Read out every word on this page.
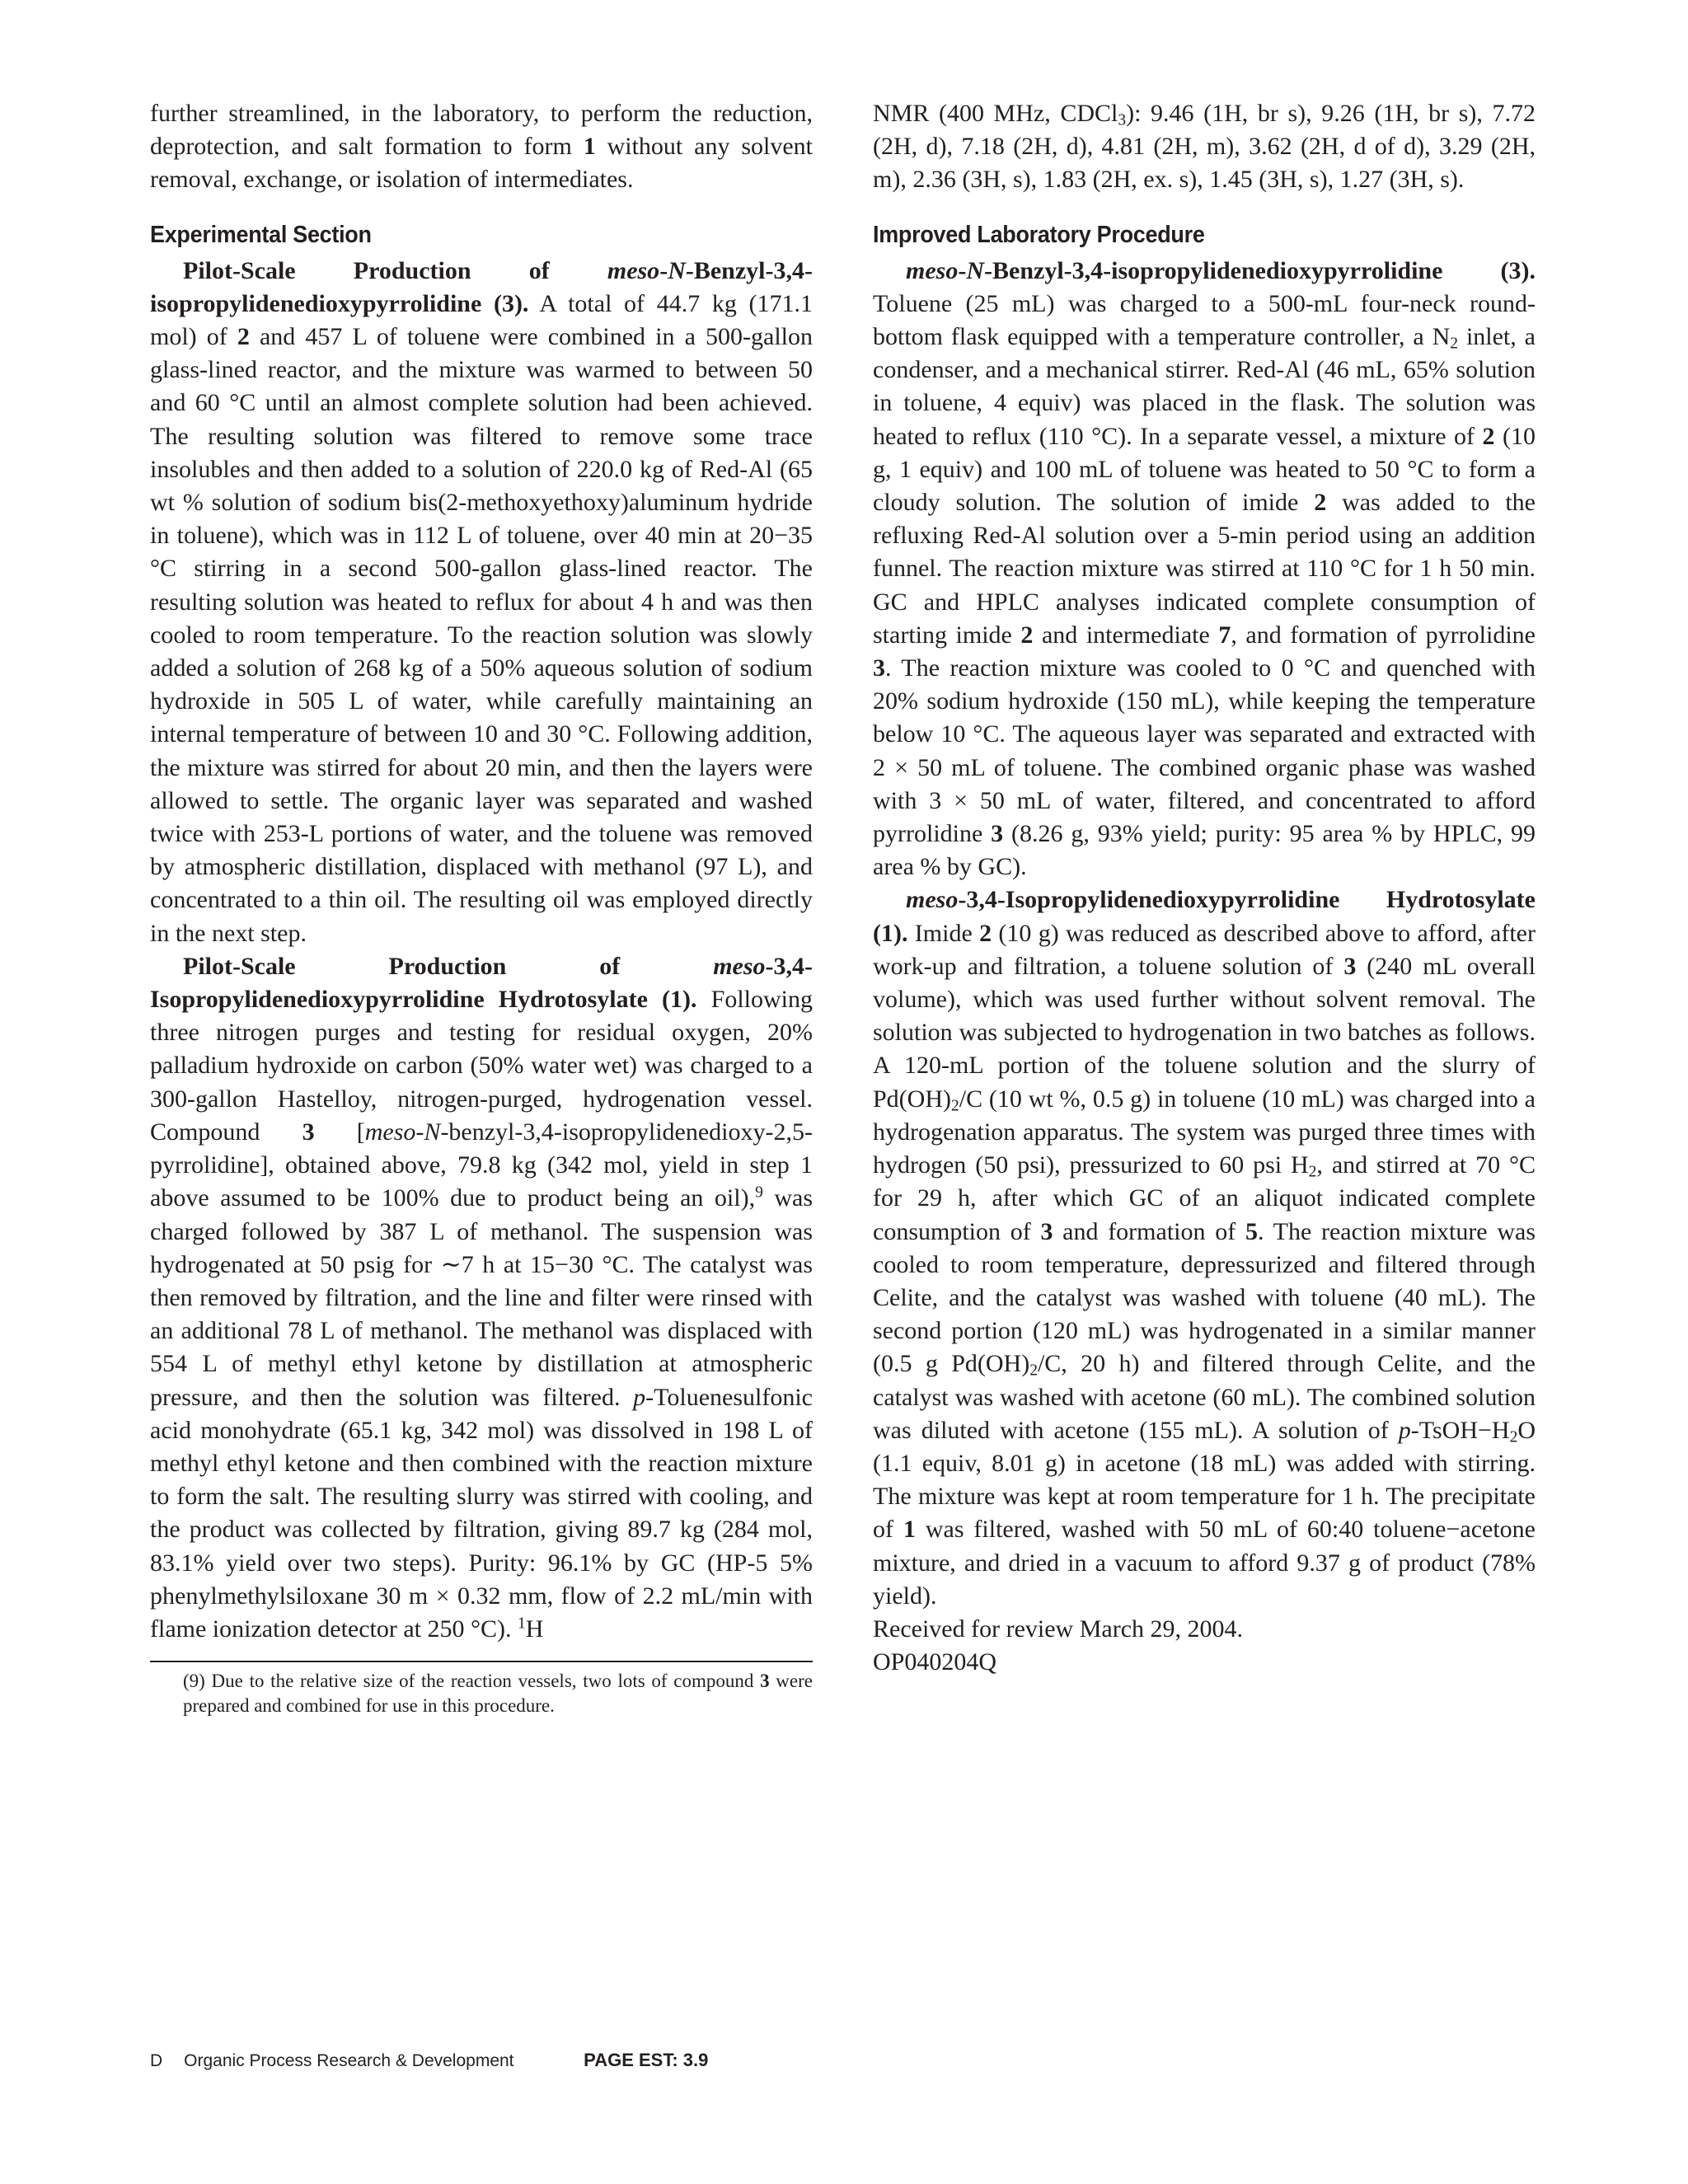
further streamlined, in the laboratory, to perform the reduction, deprotection, and salt formation to form 1 without any solvent removal, exchange, or isolation of intermediates.

Experimental Section

Pilot-Scale Production of meso-N-Benzyl-3,4-isopropylidenedioxypyrrolidine (3). A total of 44.7 kg (171.1 mol) of 2 and 457 L of toluene were combined in a 500-gallon glass-lined reactor, and the mixture was warmed to between 50 and 60 °C until an almost complete solution had been achieved. The resulting solution was filtered to remove some trace insolubles and then added to a solution of 220.0 kg of Red-Al (65 wt % solution of sodium bis(2-methoxyethoxy)aluminum hydride in toluene), which was in 112 L of toluene, over 40 min at 20−35 °C stirring in a second 500-gallon glass-lined reactor. The resulting solution was heated to reflux for about 4 h and was then cooled to room temperature. To the reaction solution was slowly added a solution of 268 kg of a 50% aqueous solution of sodium hydroxide in 505 L of water, while carefully maintaining an internal temperature of between 10 and 30 °C. Following addition, the mixture was stirred for about 20 min, and then the layers were allowed to settle. The organic layer was separated and washed twice with 253-L portions of water, and the toluene was removed by atmospheric distillation, displaced with methanol (97 L), and concentrated to a thin oil. The resulting oil was employed directly in the next step.

Pilot-Scale Production of meso-3,4-Isopropylidenedioxypyrrolidine Hydrotosylate (1). Following three nitrogen purges and testing for residual oxygen, 20% palladium hydroxide on carbon (50% water wet) was charged to a 300-gallon Hastelloy, nitrogen-purged, hydrogenation vessel. Compound 3 [meso-N-benzyl-3,4-isopropylidenedioxy-2,5-pyrrolidine], obtained above, 79.8 kg (342 mol, yield in step 1 above assumed to be 100% due to product being an oil),$^9$ was charged followed by 387 L of methanol. The suspension was hydrogenated at 50 psig for ∼7 h at 15−30 °C. The catalyst was then removed by filtration, and the line and filter were rinsed with an additional 78 L of methanol. The methanol was displaced with 554 L of methyl ethyl ketone by distillation at atmospheric pressure, and then the solution was filtered. p-Toluenesulfonic acid monohydrate (65.1 kg, 342 mol) was dissolved in 198 L of methyl ethyl ketone and then combined with the reaction mixture to form the salt. The resulting slurry was stirred with cooling, and the product was collected by filtration, giving 89.7 kg (284 mol, 83.1% yield over two steps). Purity: 96.1% by GC (HP-5 5% phenylmethylsiloxane 30 m × 0.32 mm, flow of 2.2 mL/min with flame ionization detector at 250 °C). $^1$H

(9) Due to the relative size of the reaction vessels, two lots of compound 3 were prepared and combined for use in this procedure.

NMR (400 MHz, CDCl$_3$): 9.46 (1H, br s), 9.26 (1H, br s), 7.72 (2H, d), 7.18 (2H, d), 4.81 (2H, m), 3.62 (2H, d of d), 3.29 (2H, m), 2.36 (3H, s), 1.83 (2H, ex. s), 1.45 (3H, s), 1.27 (3H, s).

Improved Laboratory Procedure

meso-N-Benzyl-3,4-isopropylidenedioxypyrrolidine (3). Toluene (25 mL) was charged to a 500-mL four-neck round-bottom flask equipped with a temperature controller, a $N_2$ inlet, a condenser, and a mechanical stirrer. Red-Al (46 mL, 65% solution in toluene, 4 equiv) was placed in the flask. The solution was heated to reflux (110 °C). In a separate vessel, a mixture of 2 (10 g, 1 equiv) and 100 mL of toluene was heated to 50 °C to form a cloudy solution. The solution of imide 2 was added to the refluxing Red-Al solution over a 5-min period using an addition funnel. The reaction mixture was stirred at 110 °C for 1 h 50 min. GC and HPLC analyses indicated complete consumption of starting imide 2 and intermediate 7, and formation of pyrrolidine 3. The reaction mixture was cooled to 0 °C and quenched with 20% sodium hydroxide (150 mL), while keeping the temperature below 10 °C. The aqueous layer was separated and extracted with 2 × 50 mL of toluene. The combined organic phase was washed with 3 × 50 mL of water, filtered, and concentrated to afford pyrrolidine 3 (8.26 g, 93% yield; purity: 95 area % by HPLC, 99 area % by GC).

meso-3,4-Isopropylidenedioxypyrrolidine Hydrotosylate (1). Imide 2 (10 g) was reduced as described above to afford, after work-up and filtration, a toluene solution of 3 (240 mL overall volume), which was used further without solvent removal. The solution was subjected to hydrogenation in two batches as follows. A 120-mL portion of the toluene solution and the slurry of $Pd(OH)_2/C$ (10 wt %, 0.5 g) in toluene (10 mL) was charged into a hydrogenation apparatus. The system was purged three times with hydrogen (50 psi), pressurized to 60 psi $H_2$, and stirred at 70 °C for 29 h, after which GC of an aliquot indicated complete consumption of 3 and formation of 5. The reaction mixture was cooled to room temperature, depressurized and filtered through Celite, and the catalyst was washed with toluene (40 mL). The second portion (120 mL) was hydrogenated in a similar manner (0.5 g $Pd(OH)_2/C$, 20 h) and filtered through Celite, and the catalyst was washed with acetone (60 mL). The combined solution was diluted with acetone (155 mL). A solution of $p-TsOH-H_2O$ (1.1 equiv, 8.01 g) in acetone (18 mL) was added with stirring. The mixture was kept at room temperature for 1 h. The precipitate of 1 was filtered, washed with 50 mL of 60:40 toluene−acetone mixture, and dried in a vacuum to afford 9.37 g of product (78% yield).

Received for review March 29, 2004.

OP040204Q

D Organic Process Research & Development	PAGE EST: 3.9
